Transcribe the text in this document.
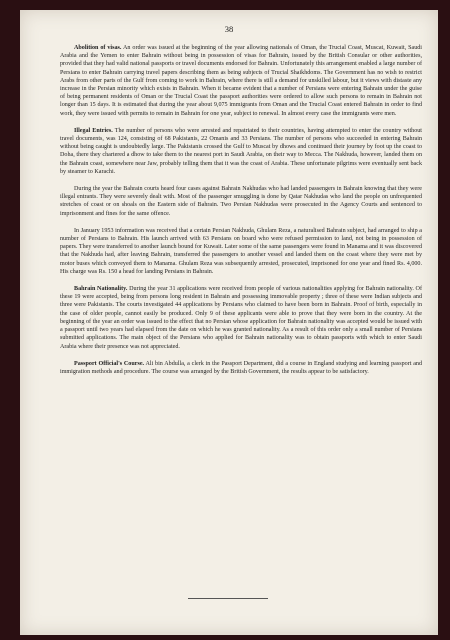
38

Abolition of visas. An order was issued at the beginning of the year allowing nationals of Oman, the Trucial Coast, Muscat, Kuwait, Saudi Arabia and the Yemen to enter Bahrain without being in possession of visas for Bahrain, issued by the British Consular or other authorities, provided that they had valid national passports or travel documents endorsed for Bahrain. Unfortunately this arrangement enabled a large number of Persians to enter Bahrain carrying travel papers describing them as being subjects of Trucial Shaikhdoms. The Government has no wish to restrict Arabs from other parts of the Gulf from coming to work in Bahrain, where there is still a demand for unskilled labour, but it views with distaste any increase in the Persian minority which exists in Bahrain. When it became evident that a number of Persians were entering Bahrain under the guise of being permanent residents of Oman or the Trucial Coast the passport authorities were ordered to allow such persons to remain in Bahrain not longer than 15 days. It is estimated that during the year about 9,075 immigrants from Oman and the Trucial Coast entered Bahrain in order to find work, they were issued with permits to remain in Bahrain for one year, subject to renewal. In almost every case the immigrants were men.

Illegal Entries. The number of persons who were arrested and repatriated to their countries, having attempted to enter the country without travel documents, was 124, consisting of 68 Pakistanis, 22 Omanis and 33 Persians. The number of persons who succeeded in entering Bahrain without being caught is undoubtedly large. The Pakistanis crossed the Gulf to Muscat by dhows and continued their journey by foot up the coast to Doha, there they chartered a dhow to take them to the nearest port in Saudi Arabia, on their way to Mecca. The Nakhuda, however, landed them on the Bahrain coast, somewhere near Jaw, probably telling them that it was the coast of Arabia. These unfortunate pilgrims were eventually sent back by steamer to Karachi.

During the year the Bahrain courts heard four cases against Bahrain Nakhudas who had landed passengers in Bahrain knowing that they were illegal entrants. They were severely dealt with. Most of the passenger smuggling is done by Qatar Nakhudas who land the people on unfrequented stretches of coast or on shoals on the Eastern side of Bahrain. Two Persian Nakhudas were prosecuted in the Agency Courts and sentenced to imprisonment and fines for the same offence.

In January 1953 information was received that a certain Persian Nakhuda, Ghulam Reza, a naturalised Bahrain subject, had arranged to ship a number of Persians to Bahrain. His launch arrived with 63 Persians on board who were refused permission to land, not being in possession of papers. They were transferred to another launch bound for Kuwait. Later some of the same passengers were found in Manama and it was discovered that the Nakhuda had, after leaving Bahrain, transferred the passengers to another vessel and landed them on the coast where they were met by motor buses which conveyed them to Manama. Ghulam Reza was subsequently arrested, prosecuted, imprisoned for one year and fined Rs. 4,000. His charge was Rs. 150 a head for landing Persians in Bahrain.

Bahrain Nationality. During the year 31 applications were received from people of various nationalities applying for Bahrain nationality. Of these 19 were accepted, being from persons long resident in Bahrain and possessing immovable property ; three of these were Indian subjects and three were Pakistanis. The courts investigated 44 applications by Persians who claimed to have been born in Bahrain. Proof of birth, especially in the case of older people, cannot easily be produced. Only 9 of these applicants were able to prove that they were born in the country. At the beginning of the year an order was issued to the effect that no Persian whose application for Bahrain nationality was accepted would be issued with a passport until two years had elapsed from the date on which he was granted nationality. As a result of this order only a small number of Persians submitted applications. The main object of the Persians who applied for Bahrain nationality was to obtain passports with which to enter Saudi Arabia where their presence was not appreciated.

Passport Official's Course. Ali bin Abdulla, a clerk in the Passport Department, did a course in England studying and learning passport and immigration methods and procedure. The course was arranged by the British Government, the results appear to be satisfactory.
